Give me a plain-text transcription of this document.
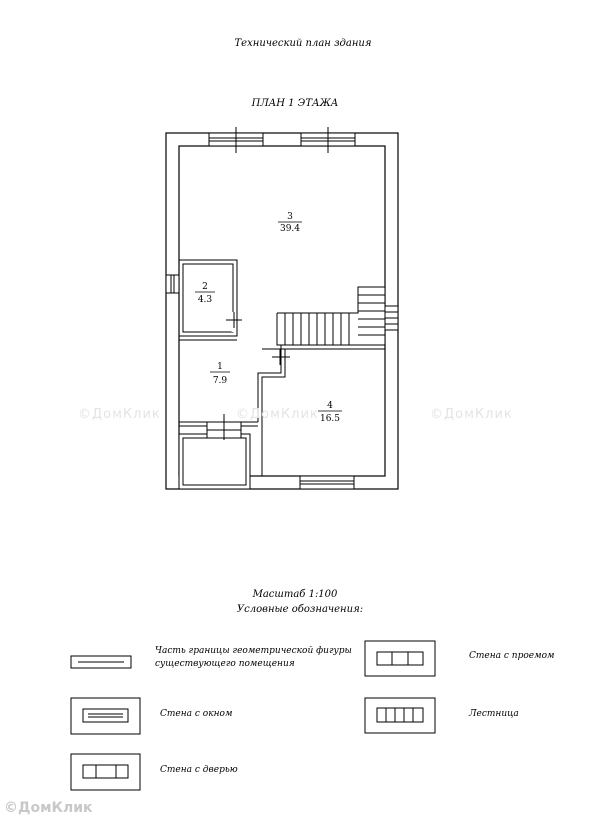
Технический план здания
ПЛАН 1 ЭТАЖА
3
39.4
2
4.3
1
7.9
4
16.5
©ДомКлик	©ДомКлик	©ДомКлик
Масштаб 1:100
Условные обозначения:
Часть границы геометрической фигуры существующего помещения
Стена с проемом
Стена с окном	Лестница
Стена с дверью
©ДомКлик
